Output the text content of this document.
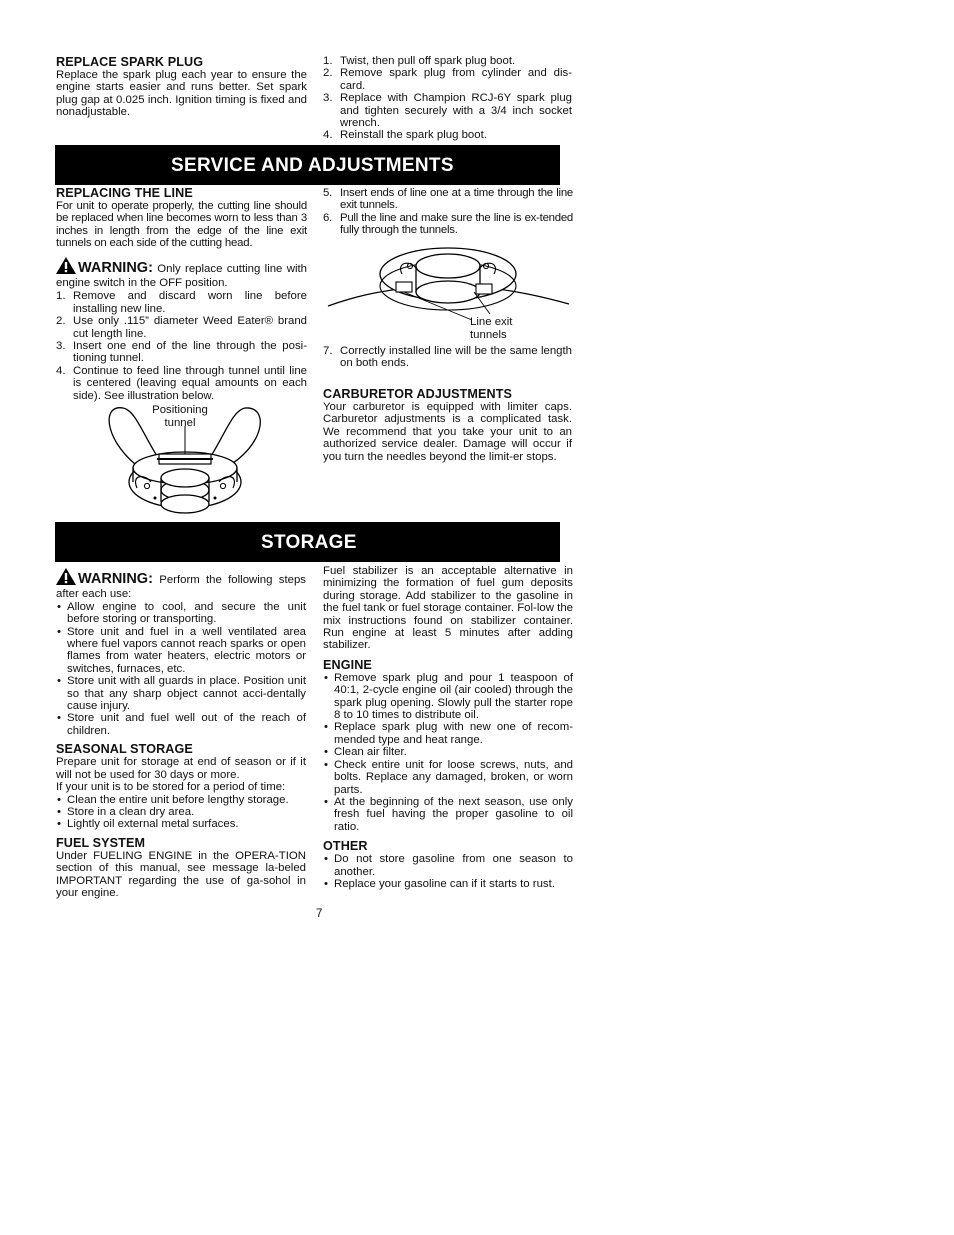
REPLACE SPARK PLUG

Replace the spark plug each year to ensure the engine starts easier and runs better. Set spark plug gap at 0.025 inch. Ignition timing is fixed and nonadjustable.

1. Twist, then pull off spark plug boot.
2. Remove spark plug from cylinder and dis-card.
3. Replace with Champion RCJ-6Y spark plug and tighten securely with a 3/4 inch socket wrench.
4. Reinstall the spark plug boot.
SERVICE AND ADJUSTMENTS
REPLACING THE LINE

For unit to operate properly, the cutting line should be replaced when line becomes worn to less than 3 inches in length from the edge of the line exit tunnels on each side of the cutting head.

WARNING: Only replace cutting line with engine switch in the OFF position.

1. Remove and discard worn line before installing new line.
2. Use only .115” diameter Weed Eater® brand cut length line.
3. Insert one end of the line through the posi-tioning tunnel.
4. Continue to feed line through tunnel until line is centered (leaving equal amounts on each side). See illustration below.
Positioning
tunnel
5. Insert ends of line one at a time through the line exit tunnels.
6. Pull the line and make sure the line is ex-tended fully through the tunnels.
Line exit
tunnels
7. Correctly installed line will be the same length on both ends.
CARBURETOR ADJUSTMENTS

Your carburetor is equipped with limiter caps. Carburetor adjustments is a complicated task. We recommend that you take your unit to an authorized service dealer. Damage will occur if you turn the needles beyond the limit-er stops.

STORAGE

WARNING: Perform the following steps after each use:

• Allow engine to cool, and secure the unit before storing or transporting.
• Store unit and fuel in a well ventilated area where fuel vapors cannot reach sparks or open flames from water heaters, electric motors or switches, furnaces, etc.
• Store unit with all guards in place. Position unit so that any sharp object cannot acci-dentally cause injury.
• Store unit and fuel well out of the reach of children.
SEASONAL STORAGE

Prepare unit for storage at end of season or if it will not be used for 30 days or more.

If your unit is to be stored for a period of time:

• Clean the entire unit before lengthy storage.
• Store in a clean dry area.
• Lightly oil external metal surfaces.
FUEL SYSTEM

Under FUELING ENGINE in the OPERA-TION section of this manual, see message la-beled IMPORTANT regarding the use of ga-sohol in your engine.

Fuel stabilizer is an acceptable alternative in minimizing the formation of fuel gum deposits during storage. Add stabilizer to the gasoline in the fuel tank or fuel storage container. Fol-low the mix instructions found on stabilizer container. Run engine at least 5 minutes after adding stabilizer.

ENGINE
• Remove spark plug and pour 1 teaspoon of 40:1, 2-cycle engine oil (air cooled) through the spark plug opening. Slowly pull the starter rope 8 to 10 times to distribute oil.
• Replace spark plug with new one of recom-mended type and heat range.
• Clean air filter.
• Check entire unit for loose screws, nuts, and bolts. Replace any damaged, broken, or worn parts.
• At the beginning of the next season, use only fresh fuel having the proper gasoline to oil ratio.
OTHER
• Do not store gasoline from one season to another.
• Replace your gasoline can if it starts to rust.
7
